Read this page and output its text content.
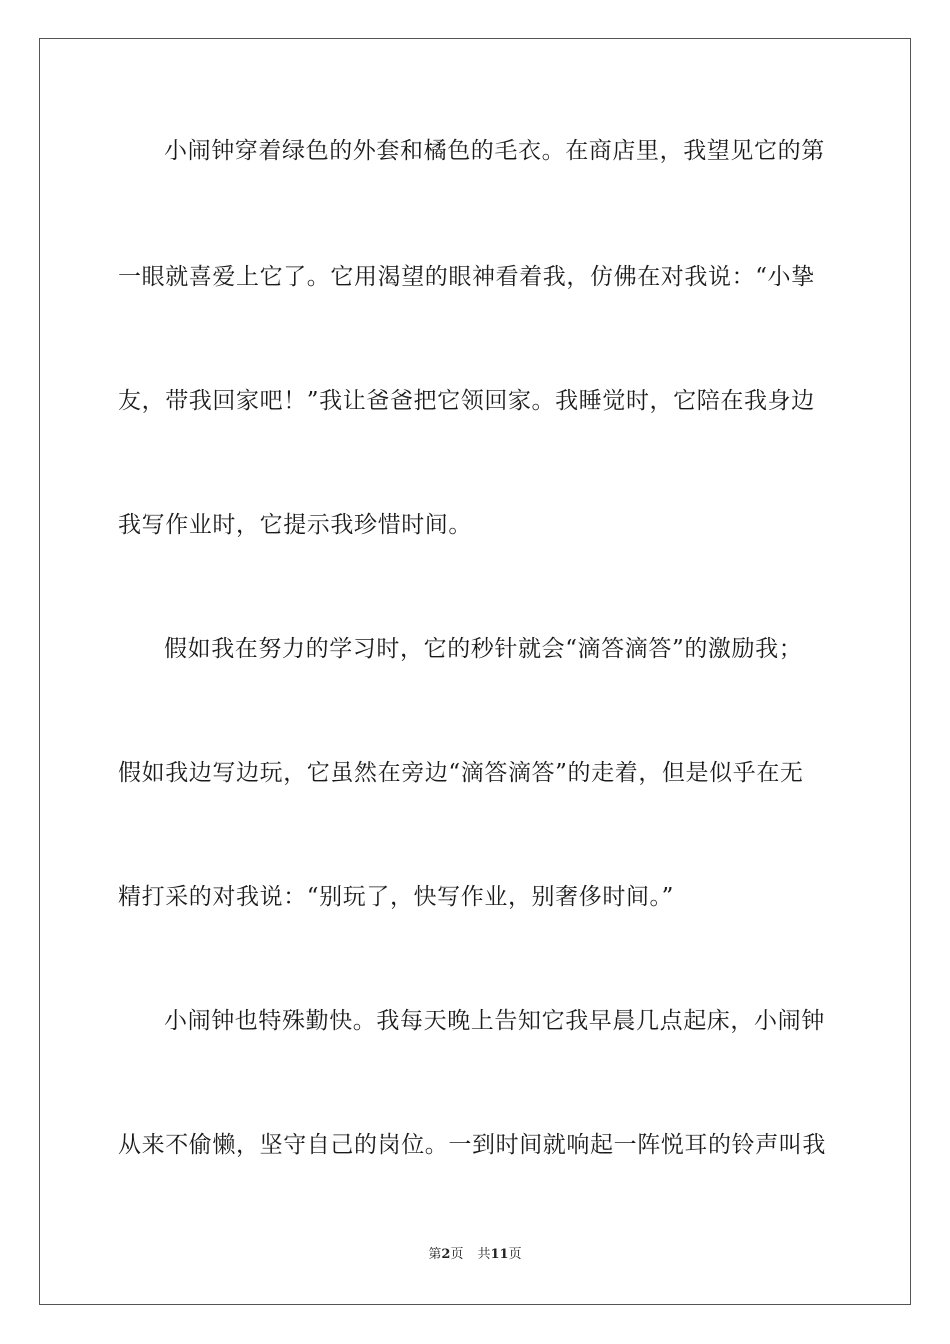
小闹钟穿着绿色的外套和橘色的毛衣。在商店里，我望见它的第
一眼就喜爱上它了。它用渴望的眼神看着我，仿佛在对我说：“小挚
友，带我回家吧！”我让爸爸把它领回家。我睡觉时，它陪在我身边
我写作业时，它提示我珍惜时间。
假如我在努力的学习时，它的秒针就会“滴答滴答”的激励我；
假如我边写边玩，它虽然在旁边“滴答滴答”的走着，但是似乎在无
精打采的对我说：“别玩了，快写作业，别奢侈时间。”
小闹钟也特殊勤快。我每天晚上告知它我早晨几点起床，小闹钟
从来不偷懒，坚守自己的岗位。一到时间就响起一阵悦耳的铃声叫我
第2页 共11页
